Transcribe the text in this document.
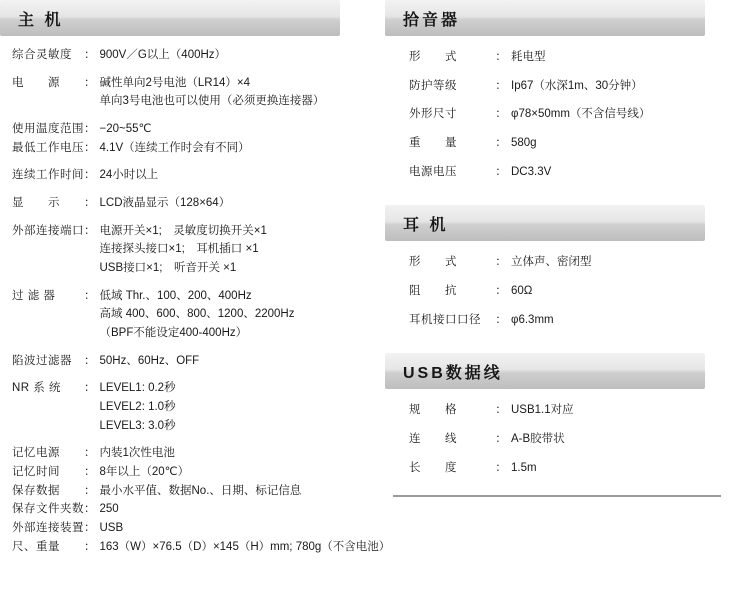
主 机
综合灵敏度	：	900V／G以上（400Hz）

电　　源	：	碱性单向2号电池（LR14）×4
		单向3号电池也可以使用（必须更换连接器）

使用温度范围	：	−20~55℃
最低工作电压	：	4.1V（连续工作时会有不同）

连续工作时间	：	24小时以上

显　　示	：	LCD液晶显示（128×64）

外部连接端口	：	电源开关×1;　灵敏度切换开关×1
		连接探头接口×1;　耳机插口 ×1
		USB接口×1;　听音开关 ×1

过 滤 器	：	低域 Thr.、100、200、400Hz
		高域 400、600、800、1200、2200Hz
		（BPF不能设定400-400Hz）

陷波过滤器	：	50Hz、60Hz、OFF

NR 系 统	：	LEVEL1: 0.2秒
		LEVEL2: 1.0秒
		LEVEL3: 3.0秒

记忆电源	：	内装1次性电池
记忆时间	：	8年以上（20℃）
保存数据	：	最小水平值、数据No.、日期、标记信息
保存文件夹数	：	250
外部连接装置	：	USB
尺、重量	：	163（W）×76.5（D）×145（H）mm; 780g（不含电池）
拾音器
形　　式	：	耗电型

防护等级	：	Ip67（水深1m、30分钟）

外形尺寸	：	φ78×50mm（不含信号线）

重　　量	：	580g

电源电压	：	DC3.3V
耳 机
形　　式	：	立体声、密闭型

阻　　抗	：	60Ω

耳机接口口径	：	φ6.3mm
USB数据线
规　　格	：	USB1.1对应

连　　线	：	A-B胶带状

长　　度	：	1.5m
